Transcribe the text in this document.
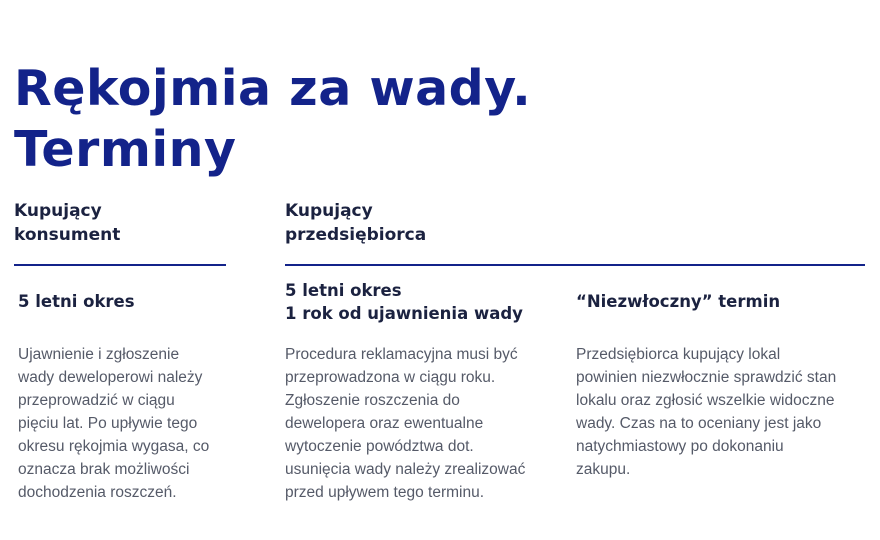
Rękojmia za wady.
Terminy
Kupujący
konsument
5 letni okres
Ujawnienie i zgłoszenie
wady deweloperowi należy
przeprowadzić w ciągu
pięciu lat. Po upływie tego
okresu rękojmia wygasa, co
oznacza brak możliwości
dochodzenia roszczeń.
Kupujący
przedsiębiorca
5 letni okres
1 rok od ujawnienia wady
Procedura reklamacyjna musi być
przeprowadzona w ciągu roku.
Zgłoszenie roszczenia do
dewelopera oraz ewentualne
wytoczenie powództwa dot.
usunięcia wady należy zrealizować
przed upływem tego terminu.
“Niezwłoczny” termin
Przedsiębiorca kupujący lokal
powinien niezwłocznie sprawdzić stan
lokalu oraz zgłosić wszelkie widoczne
wady. Czas na to oceniany jest jako
natychmiastowy po dokonaniu
zakupu.
